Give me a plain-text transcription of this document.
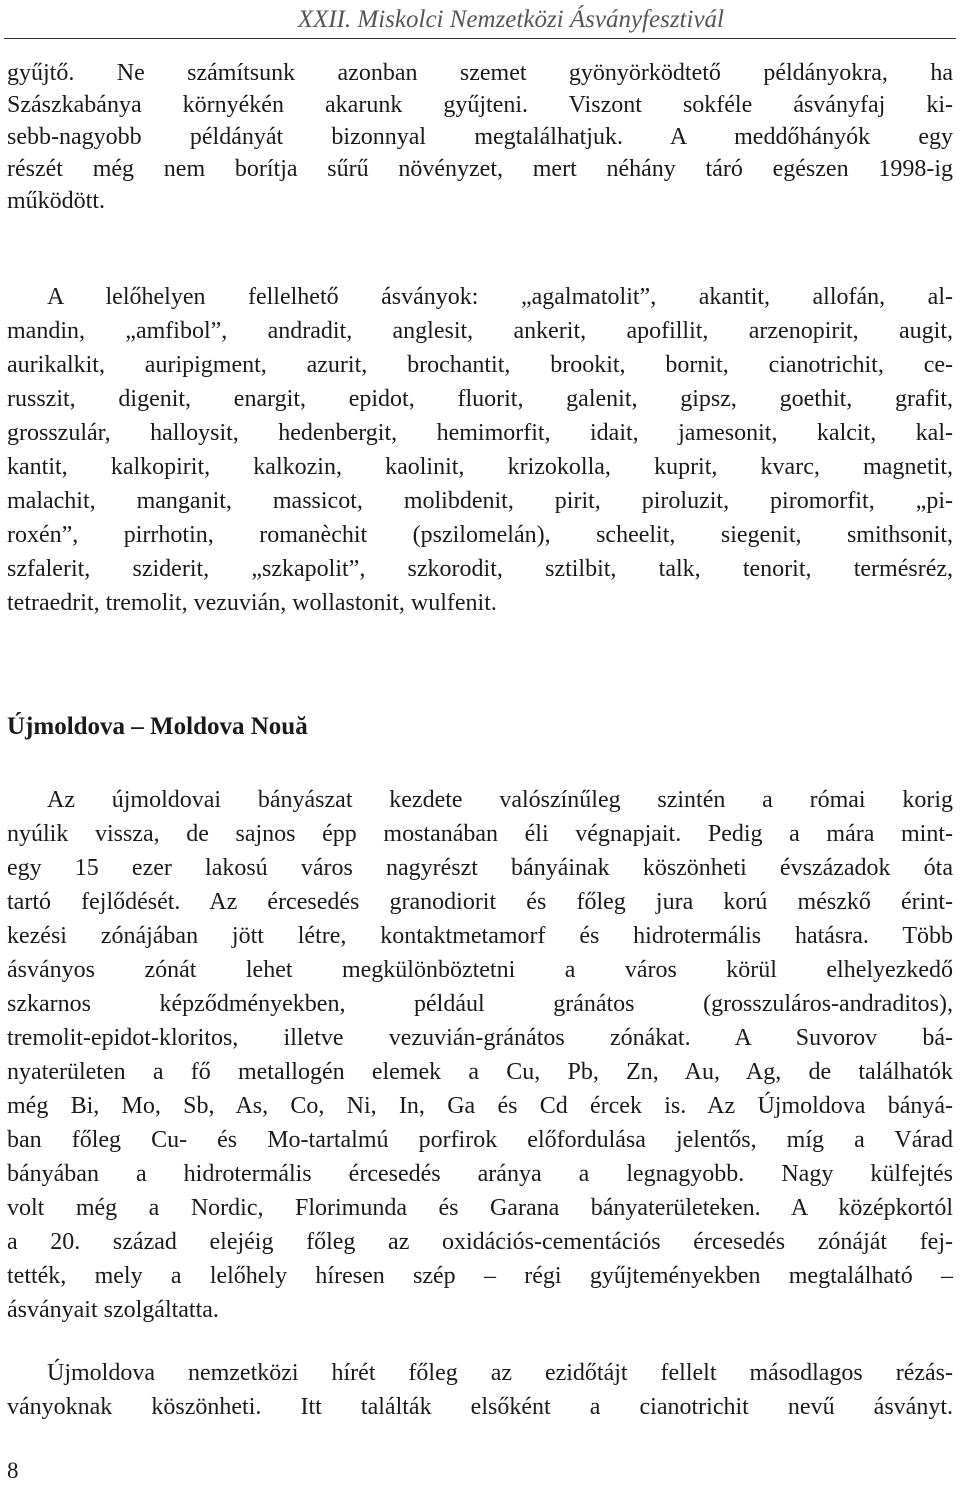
XXII. Miskolci Nemzetközi Ásványfesztivál
gyűjtő. Ne számítsunk azonban szemet gyönyörködtető példányokra, ha
Szászkabánya környékén akarunk gyűjteni. Viszont sokféle ásványfaj ki-
sebb-nagyobb példányát bizonnyal megtalálhatjuk. A meddőhányók egy
részét még nem borítja sűrű növényzet, mert néhány táró egészen 1998-ig
működött.
A lelőhelyen fellelhető ásványok: „agalmatolit”, akantit, allofán, al-
mandin, „amfibol”, andradit, anglesit, ankerit, apofillit, arzenopirit, augit,
aurikalkit, auripigment, azurit, brochantit, brookit, bornit, cianotrichit, ce-
russzit, digenit, enargit, epidot, fluorit, galenit, gipsz, goethit, grafit,
grosszulár, halloysit, hedenbergit, hemimorfit, idait, jamesonit, kalcit, kal-
kantit, kalkopirit, kalkozin, kaolinit, krizokolla, kuprit, kvarc, magnetit,
malachit, manganit, massicot, molibdenit, pirit, piroluzit, piromorfit, „pi-
roxén”, pirrhotin, romanèchit (pszilomelán), scheelit, siegenit, smithsonit,
szfalerit, sziderit, „szkapolit”, szkorodit, sztilbit, talk, tenorit, termésréz,
tetraedrit, tremolit, vezuvián, wollastonit, wulfenit.
Újmoldova – Moldova Nouă
Az újmoldovai bányászat kezdete valószínűleg szintén a római korig
nyúlik vissza, de sajnos épp mostanában éli végnapjait. Pedig a mára mint-
egy 15 ezer lakosú város nagyrészt bányáinak köszönheti évszázadok óta
tartó fejlődését. Az ércesedés granodiorit és főleg jura korú mészkő érint-
kezési zónájában jött létre, kontaktmetamorf és hidrotermális hatásra. Több
ásványos zónát lehet megkülönböztetni a város körül elhelyezkedő
szkarnos képződményekben, például gránátos (grosszuláros-andraditos),
tremolit-epidot-kloritos, illetve vezuvián-gránátos zónákat. A Suvorov bá-
nyaterületen a fő metallogén elemek a Cu, Pb, Zn, Au, Ag, de találhatók
még Bi, Mo, Sb, As, Co, Ni, In, Ga és Cd ércek is. Az Újmoldova bányá-
ban főleg Cu- és Mo-tartalmú porfirok előfordulása jelentős, míg a Várad
bányában a hidrotermális ércesedés aránya a legnagyobb. Nagy külfejtés
volt még a Nordic, Florimunda és Garana bányaterületeken. A középkortól
a 20. század elejéig főleg az oxidációs-cementációs ércesedés zónáját fej-
tették, mely a lelőhely híresen szép – régi gyűjteményekben megtalálható –
ásványait szolgáltatta.
Újmoldova nemzetközi hírét főleg az ezidőtájt fellelt másodlagos rézás-
ványoknak köszönheti. Itt találták elsőként a cianotrichit nevű ásványt.
8
